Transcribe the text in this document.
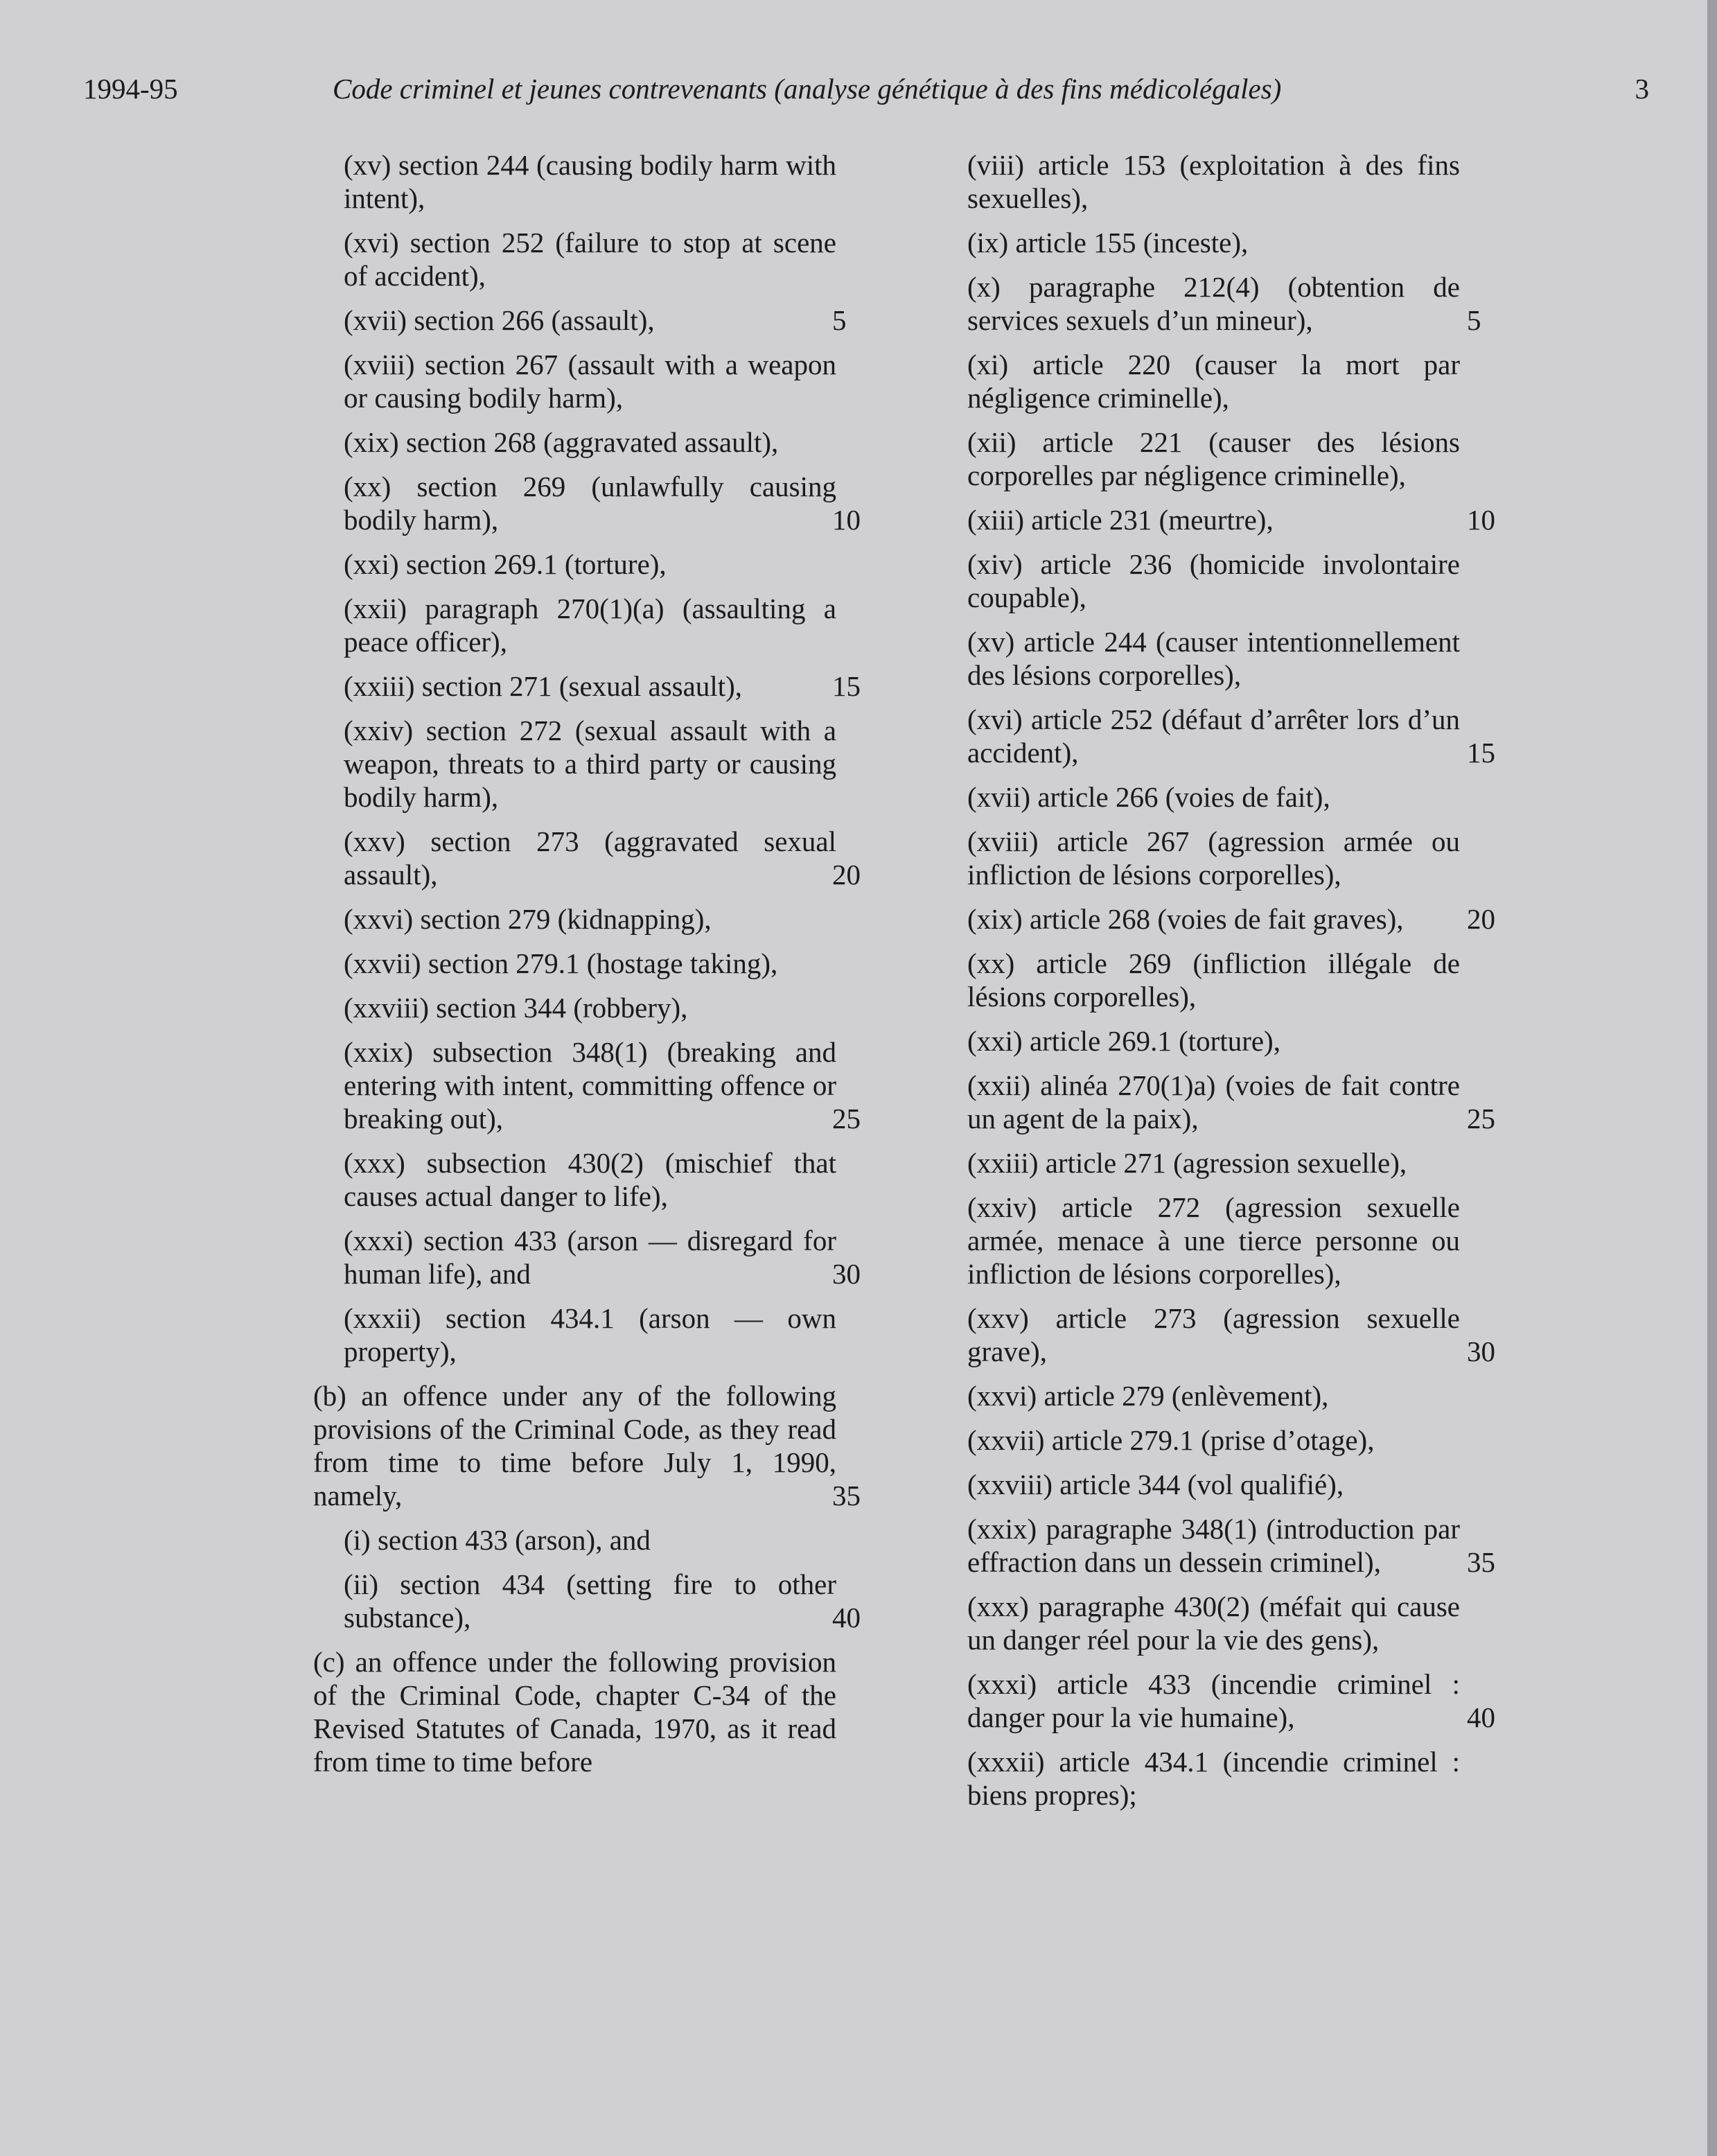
1994-95	Code criminel et jeunes contrevenants (analyse génétique à des fins médicolégales)	3
(xv) section 244 (causing bodily harm with intent),
(xvi) section 252 (failure to stop at scene of accident),
(xvii) section 266 (assault),	5
(xviii) section 267 (assault with a weapon or causing bodily harm),
(xix) section 268 (aggravated assault),
(xx) section 269 (unlawfully causing bodily harm),	10
(xxi) section 269.1 (torture),
(xxii) paragraph 270(1)(a) (assaulting a peace officer),
(xxiii) section 271 (sexual assault),	15
(xxiv) section 272 (sexual assault with a weapon, threats to a third party or causing bodily harm),
(xxv) section 273 (aggravated sexual assault),	20
(xxvi) section 279 (kidnapping),
(xxvii) section 279.1 (hostage taking),
(xxviii) section 344 (robbery),
(xxix) subsection 348(1) (breaking and entering with intent, committing offence or breaking out),	25
(xxx) subsection 430(2) (mischief that causes actual danger to life),
(xxxi) section 433 (arson — disregard for human life), and	30
(xxxii) section 434.1 (arson — own property),
(b) an offence under any of the following provisions of the Criminal Code, as they read from time to time before July 1, 1990, namely,	35
(i) section 433 (arson), and
(ii) section 434 (setting fire to other substance),	40
(c) an offence under the following provision of the Criminal Code, chapter C-34 of the Revised Statutes of Canada, 1970, as it read from time to time before
(viii) article 153 (exploitation à des fins sexuelles),
(ix) article 155 (inceste),
(x) paragraphe 212(4) (obtention de services sexuels d’un mineur),	5
(xi) article 220 (causer la mort par négligence criminelle),
(xii) article 221 (causer des lésions corporelles par négligence criminelle),
(xiii) article 231 (meurtre),	10
(xiv) article 236 (homicide involontaire coupable),
(xv) article 244 (causer intentionnellement des lésions corporelles),
(xvi) article 252 (défaut d’arrêter lors d’un accident),	15
(xvii) article 266 (voies de fait),
(xviii) article 267 (agression armée ou infliction de lésions corporelles),
(xix) article 268 (voies de fait graves), 20
(xx) article 269 (infliction illégale de lésions corporelles),
(xxi) article 269.1 (torture),
(xxii) alinéa 270(1)a) (voies de fait contre un agent de la paix),	25
(xxiii) article 271 (agression sexuelle),
(xxiv) article 272 (agression sexuelle armée, menace à une tierce personne ou infliction de lésions corporelles),
(xxv) article 273 (agression sexuelle grave),	30
(xxvi) article 279 (enlèvement),
(xxvii) article 279.1 (prise d’otage),
(xxviii) article 344 (vol qualifié),
(xxix) paragraphe 348(1) (introduction par effraction dans un dessein criminel),	35
(xxx) paragraphe 430(2) (méfait qui cause un danger réel pour la vie des gens),
(xxxi) article 433 (incendie criminel : danger pour la vie humaine),	40
(xxxii) article 434.1 (incendie criminel : biens propres);
